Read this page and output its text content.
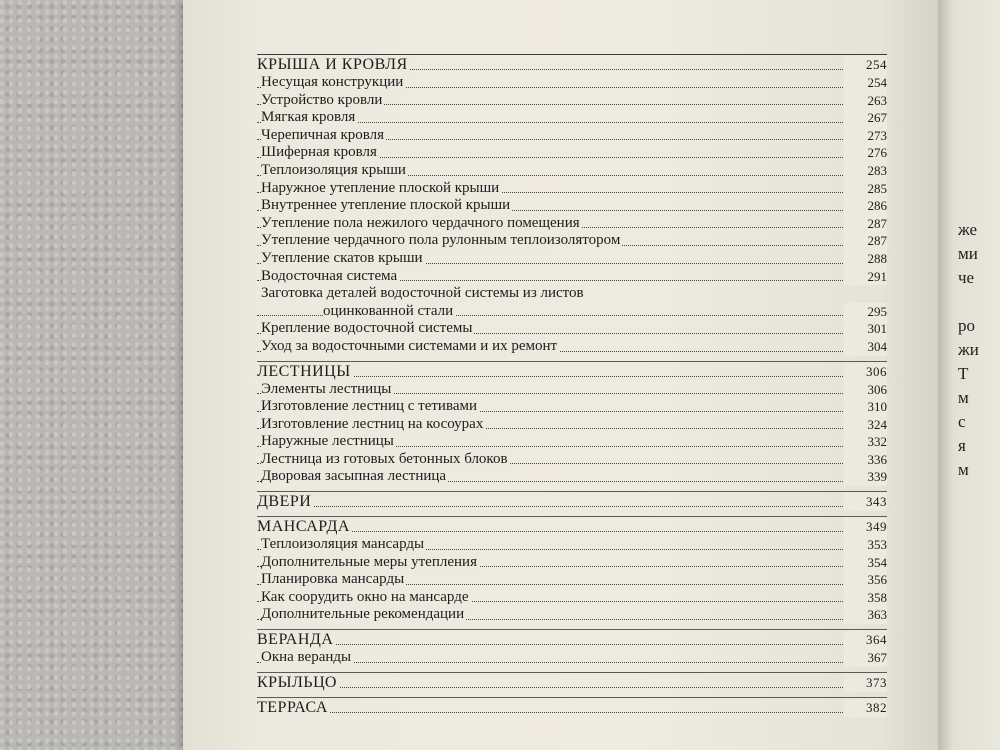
КРЫША И КРОВЛЯ	254
Несущая конструкции	254
Устройство кровли	263
Мягкая кровля	267
Черепичная кровля	273
Шиферная кровля	276
Теплоизоляция крыши	283
Наружное утепление плоской крыши	285
Внутреннее утепление плоской крыши	286
Утепление пола нежилого чердачного помещения	287
Утепление чердачного пола рулонным теплоизолятором	287
Утепление скатов крыши	288
Водосточная система	291
Заготовка деталей водосточной системы из листов
оцинкованной стали	295
Крепление водосточной системы	301
Уход за водосточными системами и их ремонт	304
ЛЕСТНИЦЫ	306
Элементы лестницы	306
Изготовление лестниц с тетивами	310
Изготовление лестниц на косоурах	324
Наружные лестницы	332
Лестница из готовых бетонных блоков	336
Дворовая засыпная лестница	339
ДВЕРИ	343
МАНСАРДА	349
Теплоизоляция мансарды	353
Дополнительные меры утепления	354
Планировка мансарды	356
Как соорудить окно на мансарде	358
Дополнительные рекомендации	363
ВЕРАНДА	364
Окна веранды	367
КРЫЛЬЦО	373
ТЕРРАСА	382
же
ми
че
ро
жи
Т
м
с
я
м
